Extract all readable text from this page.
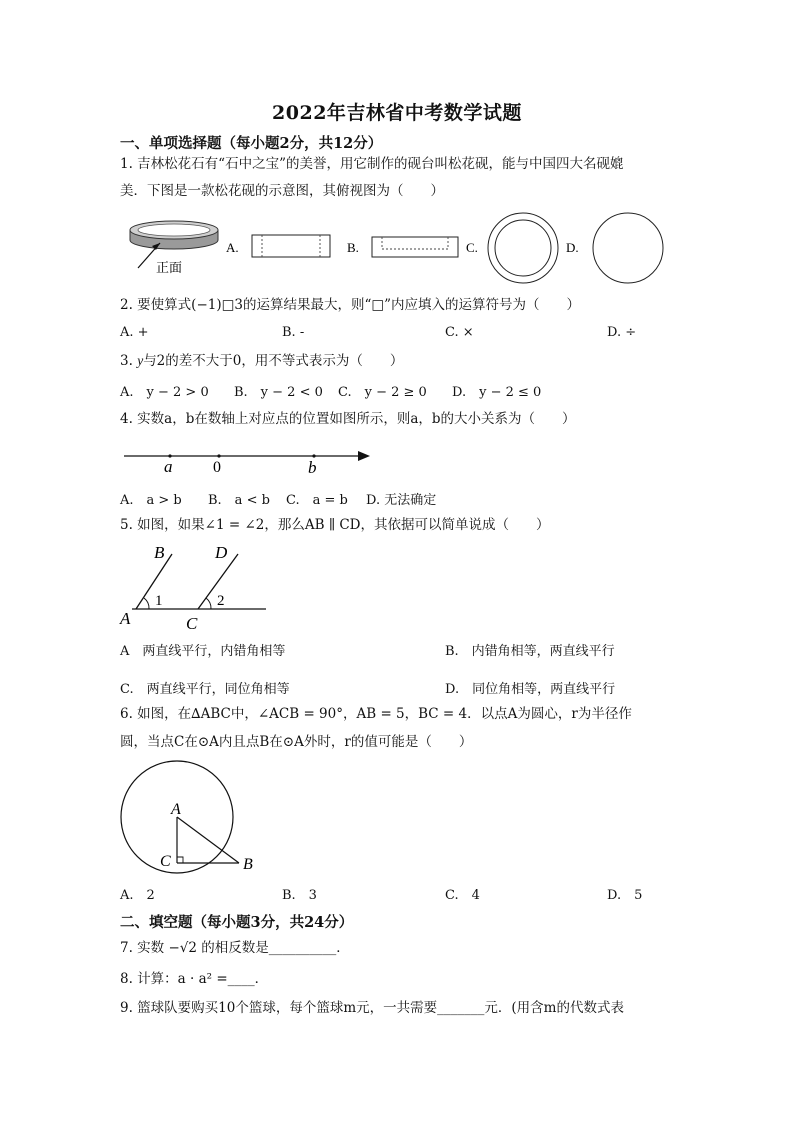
2022年吉林省中考数学试题
一、单项选择题（每小题2分，共12分）
1. 吉林松花石有“石中之宝”的美誉，用它制作的砚台叫松花砚，能与中国四大名砚媲
美．下图是一款松花砚的示意图，其俯视图为（　　）
正面
A.	B.	C.	D.
2. 要使算式(−1)□3的运算结果最大，则“□”内应填入的运算符号为（　　）
A. +	B. -	C. ×	D. ÷
3. y与2的差不大于0，用不等式表示为（　　）
A.　y − 2 > 0 B.　y − 2 < 0 C.　y − 2 ≥ 0 D.　y − 2 ≤ 0
4. 实数a，b在数轴上对应点的位置如图所示，则a，b的大小关系为（　　）
a	0	b
A.　a > b B.　a < b C.　a = b D. 无法确定
5. 如图，如果∠1 = ∠2，那么AB ∥ CD，其依据可以简单说成（　　）
B	D
A	C
1	2
A　两直线平行，内错角相等	B.　内错角相等，两直线平行
C.　两直线平行，同位角相等	D.　同位角相等，两直线平行
6. 如图，在∆ABC中，∠ACB = 90°，AB = 5，BC = 4．以点A为圆心，r为半径作
圆，当点C在⊙A内且点B在⊙A外时，r的值可能是（　　）
A
C	B
A.　2	B.　3	C.　4	D.　5
二、填空题（每小题3分，共24分）
7. 实数 −√2 的相反数是__________．
8. 计算：a · a² =____．
9. 篮球队要购买10个篮球，每个篮球m元，一共需要_______元．(用含m的代数式表
